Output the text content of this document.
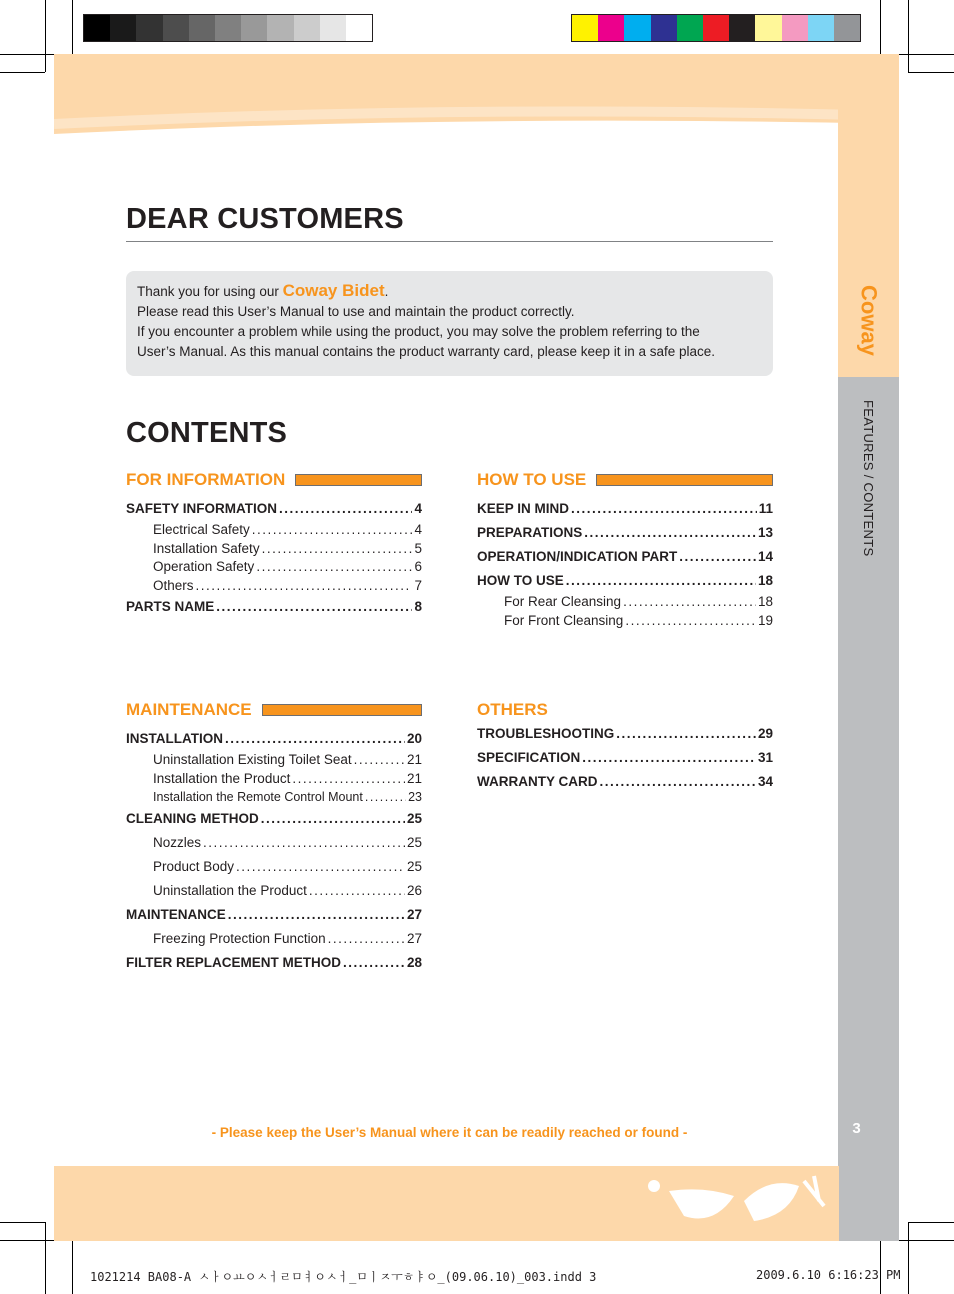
Coway
FEATURES / CONTENTS
3
DEAR CUSTOMERS

Thank you for using our Coway Bidet.

Please read this User’s Manual to use and maintain the product correctly.

If you encounter a problem while using the product, you may solve the problem referring to the

User’s Manual. As this manual contains the product warranty card, please keep it in a safe place.

CONTENTS
FOR INFORMATION
SAFETY INFORMATION .....	4
Electrical Safety .....	4
Installation Safety .....	5
Operation Safety .....	6
Others .....	7
PARTS NAME .....	8
HOW TO USE
KEEP IN MIND .....	11
PREPARATIONS .....	13
OPERATION/INDICATION PART .....	14
HOW TO USE .....	18
For Rear Cleansing .....	18
For Front Cleansing .....	19
MAINTENANCE
INSTALLATION .....	20
Uninstallation Existing Toilet Seat .....	21
Installation the Product .....	21
Installation the Remote Control Mount .....	23
CLEANING METHOD .....	25
Nozzles .....	25
Product Body .....	25
Uninstallation the Product .....	26
MAINTENANCE .....	27
Freezing Protection Function .....	27
FILTER REPLACEMENT METHOD .....	28
OTHERS
TROUBLESHOOTING .....	29
SPECIFICATION .....	31
WARRANTY CARD .....	34
- Please keep the User’s Manual where it can be readily reached or found -
1021214 BA08-A ㅅㅏㅇㅛㅇㅅㅓㄹㅁㅕㅇㅅㅓ_ㅁㅣㅈㅜㅎㅑㅇ_(09.06.10)_003.indd 3	2009.6.10 6:16:23 PM
